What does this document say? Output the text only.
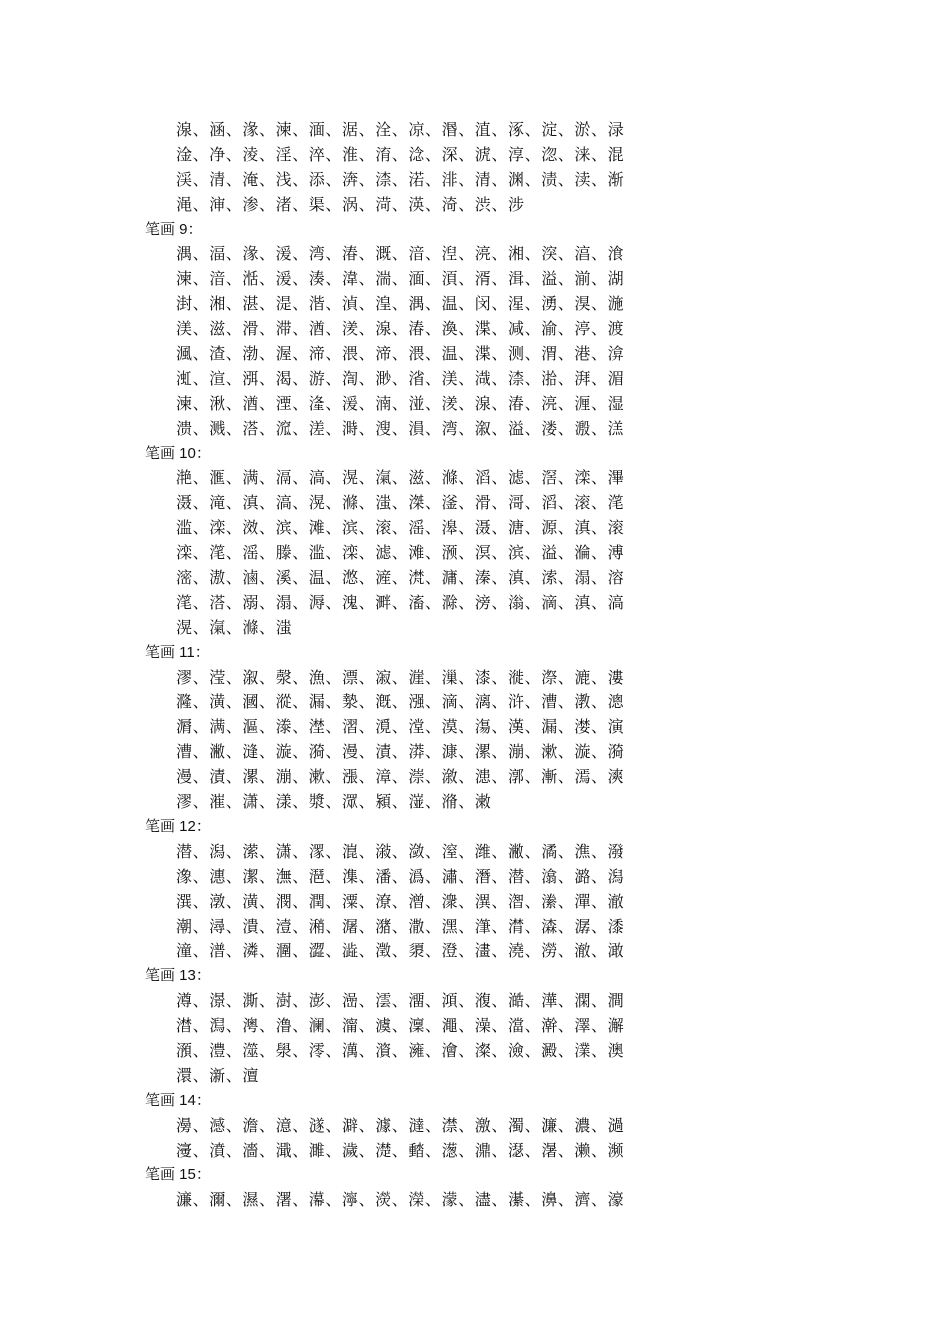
湶、涵、湪、湅、湎、涺、洤、凉、湣、淔、涿、淀、淤、渌
淦、净、淩、淫、淬、淮、淯、淰、深、淲、淳、淴、涞、混
渓、清、淹、浅、添、渀、渿、渃、渄、清、渊、渍、渎、渐
渑、渖、渗、渚、渠、涡、渮、渶、渏、渋、涉
笔画 9：
湡、湢、湪、湲、湾、湷、溉、湆、湼、湸、湘、湥、湻、湌
湅、湆、湉、湲、湊、湋、湍、湎、湏、湑、湒、溢、湔、湖
湗、湘、湛、湜、湝、湞、湟、湡、温、闵、湦、湧、湨、湤
渼、滋、滑、滞、湭、湵、湶、湷、渙、渫、减、渝、渟、渡
渢、渣、渤、渥、渧、渨、渧、渨、温、渫、测、渭、港、渰
渱、渲、渳、渴、游、渹、渺、渻、渼、渽、渿、湁、湃、湄
湅、湫、湭、湮、湰、湲、湳、湴、湵、湶、湷、湸、湹、湿
溃、溅、溚、溛、溠、溡、溲、溳、湾、溆、溢、溇、溵、溔
笔画 10：
滟、滙、满、滆、滈、滉、滊、滋、滌、滔、滤、滘、滦、滭
滠、滝、滇、滈、滉、滌、滍、滐、滏、滑、滒、滔、滚、滗
滥、滦、滧、滨、滩、滨、滚、滛、滜、滠、溏、源、滇、滚
滦、滗、滛、滕、滥、滦、滤、滩、滪、溟、滨、溢、溣、溥
滵、滶、滷、溪、温、滺、滻、滼、滽、溱、滇、溹、溻、溶
滗、溚、溺、溻、溽、溾、溿、滀、滁、滂、滃、滴、滇、滈
滉、滊、滌、滍
笔画 11：
漻、滢、溆、漀、漁、漂、漃、漄、漅、漆、漇、漈、漉、漊
漋、潢、漍、漎、漏、漐、漑、漒、滴、漓、浒、漕、漖、漗
漘、满、漚、漛、漜、漝、漞、漟、漠、漡、漢、漏、漤、演
漕、潎、漨、漩、漪、漫、漬、漭、漮、漯、漰、漱、漩、漪
漫、漬、漯、漰、漱、漲、漳、漴、漵、漶、漷、漸、漹、漺
漻、漼、潇、漾、漿、潀、潁、潂、潃、潄
笔画 12：
潜、潟、潆、潇、潈、潉、潊、潋、潌、潍、潎、潏、潐、潑
潒、潓、潔、潕、潖、潗、潘、潙、潚、潛、潜、潝、潞、潟
潠、潡、潢、潣、潤、潥、潦、潧、潨、潩、潪、潫、潬、澈
潮、潯、潰、潱、潲、潳、潴、潵、潶、潷、潸、潹、潺、潻
潼、潽、潾、潿、澀、澁、澂、澃、澄、澅、澆、澇、澈、澉
笔画 13：
澊、澋、澌、澍、澎、澏、澐、澑、澒、澓、澔、澕、澖、澗
澘、澙、澚、澛、澜、澝、澞、澟、澠、澡、澢、澣、澤、澥
澦、澧、澨、澩、澪、澫、澬、澭、澮、澯、澰、澱、澲、澳
澴、澵、澶
笔画 14：
澷、澸、澹、澺、澻、澼、澽、澾、澿、激、濁、濂、濃、濄
濅、濆、濇、濈、濉、濊、濋、濌、濍、濎、濏、濐、濑、濒
笔画 15：
濓、濔、濕、濖、濗、濘、濙、濚、濛、濜、濝、濞、濟、濠
